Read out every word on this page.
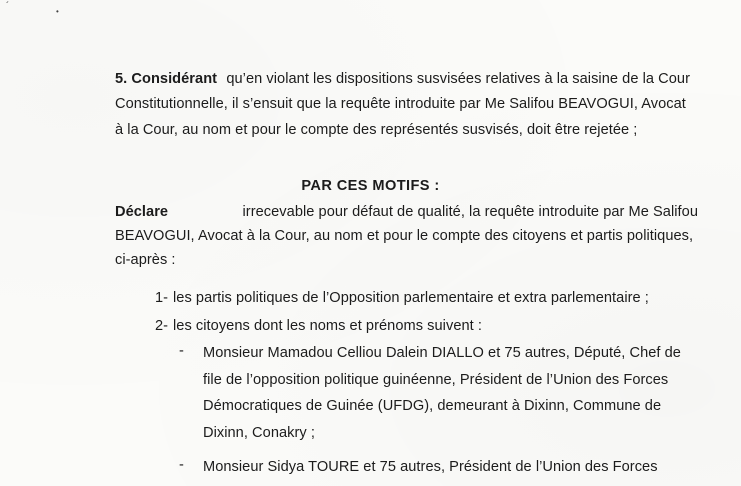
´	•
5. Considérant qu’en violant les dispositions susvisées relatives à la saisine de la Cour
Constitutionnelle, il s’ensuit que la requête introduite par Me Salifou BEAVOGUI, Avocat
à la Cour, au nom et pour le compte des représentés susvisés, doit être rejetée ;
PAR CES MOTIFS :
Déclare	irrecevable pour défaut de qualité, la requête introduite par Me Salifou
BEAVOGUI, Avocat à la Cour, au nom et pour le compte des citoyens et partis politiques,
ci-après :
1- les partis politiques de l’Opposition parlementaire et extra parlementaire ;
2- les citoyens dont les noms et prénoms suivent :
- Monsieur Mamadou Celliou Dalein DIALLO et 75 autres, Député, Chef de
file de l’opposition politique guinéenne, Président de l’Union des Forces
Démocratiques de Guinée (UFDG), demeurant à Dixinn, Commune de
Dixinn, Conakry ;
- Monsieur Sidya TOURE et 75 autres, Président de l’Union des Forces
